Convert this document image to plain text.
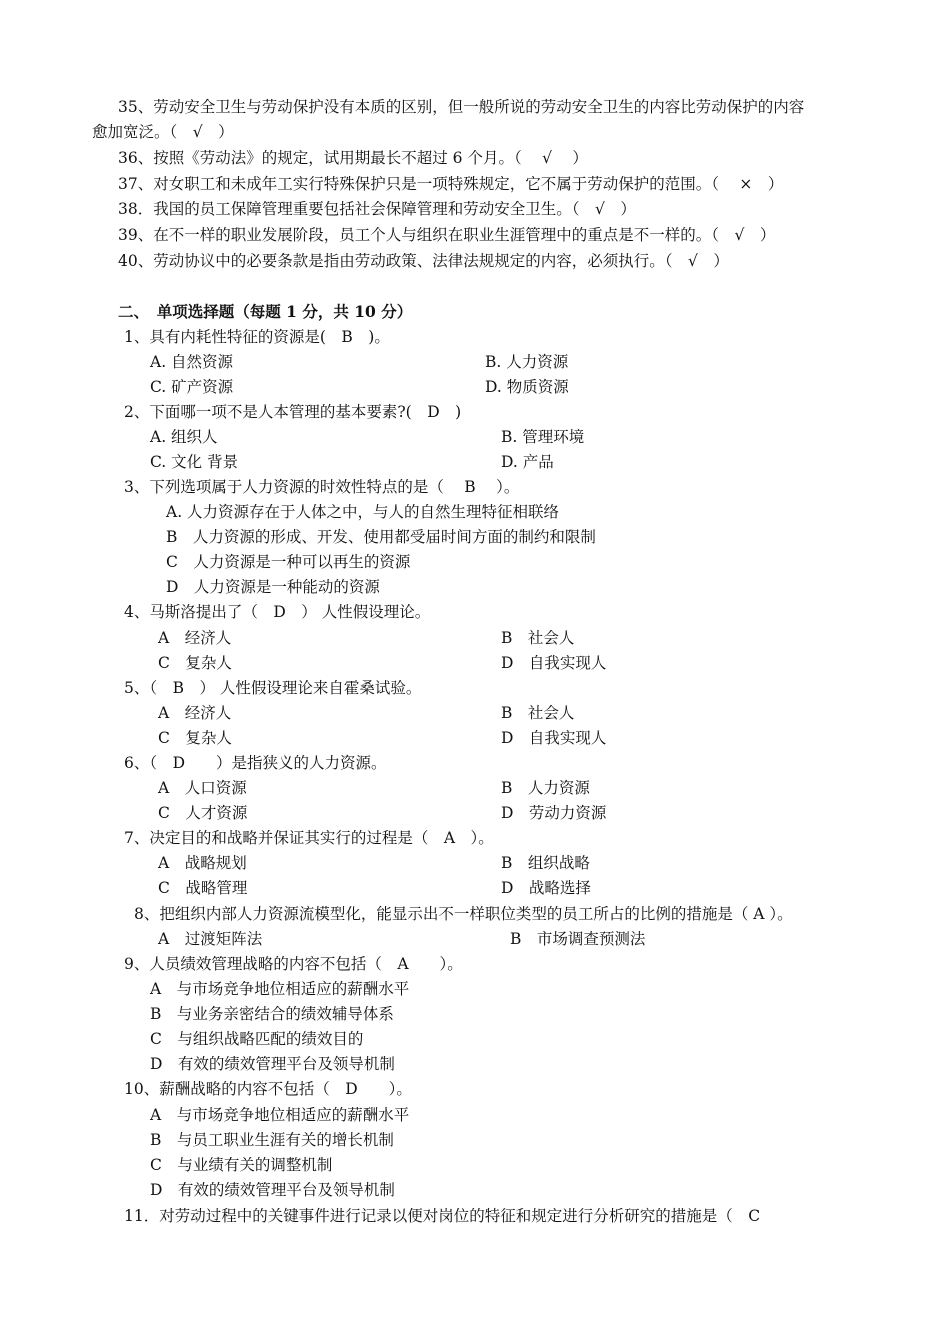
35、劳动安全卫生与劳动保护没有本质的区别，但一般所说的劳动安全卫生的内容比劳动保护的内容
愈加宽泛。（　√　）
36、按照《劳动法》的规定，试用期最长不超过 6 个月。（　 √　 ）
37、对女职工和未成年工实行特殊保护只是一项特殊规定，它不属于劳动保护的范围。（　 ×　）
38．我国的员工保障管理重要包括社会保障管理和劳动安全卫生。（　√　）
39、在不一样的职业发展阶段，员工个人与组织在职业生涯管理中的重点是不一样的。（　√　）
40、劳动协议中的必要条款是指由劳动政策、法律法规规定的内容，必须执行。（　√　）
二、　单项选择题（每题 1 分，共 10 分）
1、具有内耗性特征的资源是(　B　)。
A. 自然资源	B. 人力资源
C. 矿产资源	D. 物质资源
2、下面哪一项不是人本管理的基本要素?(　D　)
A. 组织人	B. 管理环境
C. 文化 背景	D. 产品
3、下列选项属于人力资源的时效性特点的是（　 B　 ）。
A. 人力资源存在于人体之中，与人的自然生理特征相联络
B　人力资源的形成、开发、使用都受届时间方面的制约和限制
C　人力资源是一种可以再生的资源
D　人力资源是一种能动的资源
4、马斯洛提出了（　D　） 人性假设理论。
A　经济人	B　社会人
C　复杂人	D　自我实现人
5、（　B　） 人性假设理论来自霍桑试验。
A　经济人	B　社会人
C　复杂人	D　自我实现人
6、（　D　　）是指狭义的人力资源。
A　人口资源	B　人力资源
C　人才资源	D　劳动力资源
7、决定目的和战略并保证其实行的过程是（　A　）。
A　战略规划	B　组织战略
C　战略管理	D　战略选择
8、把组织内部人力资源流模型化，能显示出不一样职位类型的员工所占的比例的措施是（ A ）。
A　过渡矩阵法	B　市场调查预测法
9、人员绩效管理战略的内容不包括（　A　　）。
A　与市场竞争地位相适应的薪酬水平
B　与业务亲密结合的绩效辅导体系
C　与组织战略匹配的绩效目的
D　有效的绩效管理平台及领导机制
10、薪酬战略的内容不包括（　D　　）。
A　与市场竞争地位相适应的薪酬水平
B　与员工职业生涯有关的增长机制
C　与业绩有关的调整机制
D　有效的绩效管理平台及领导机制
11．对劳动过程中的关键事件进行记录以便对岗位的特征和规定进行分析研究的措施是（　C
